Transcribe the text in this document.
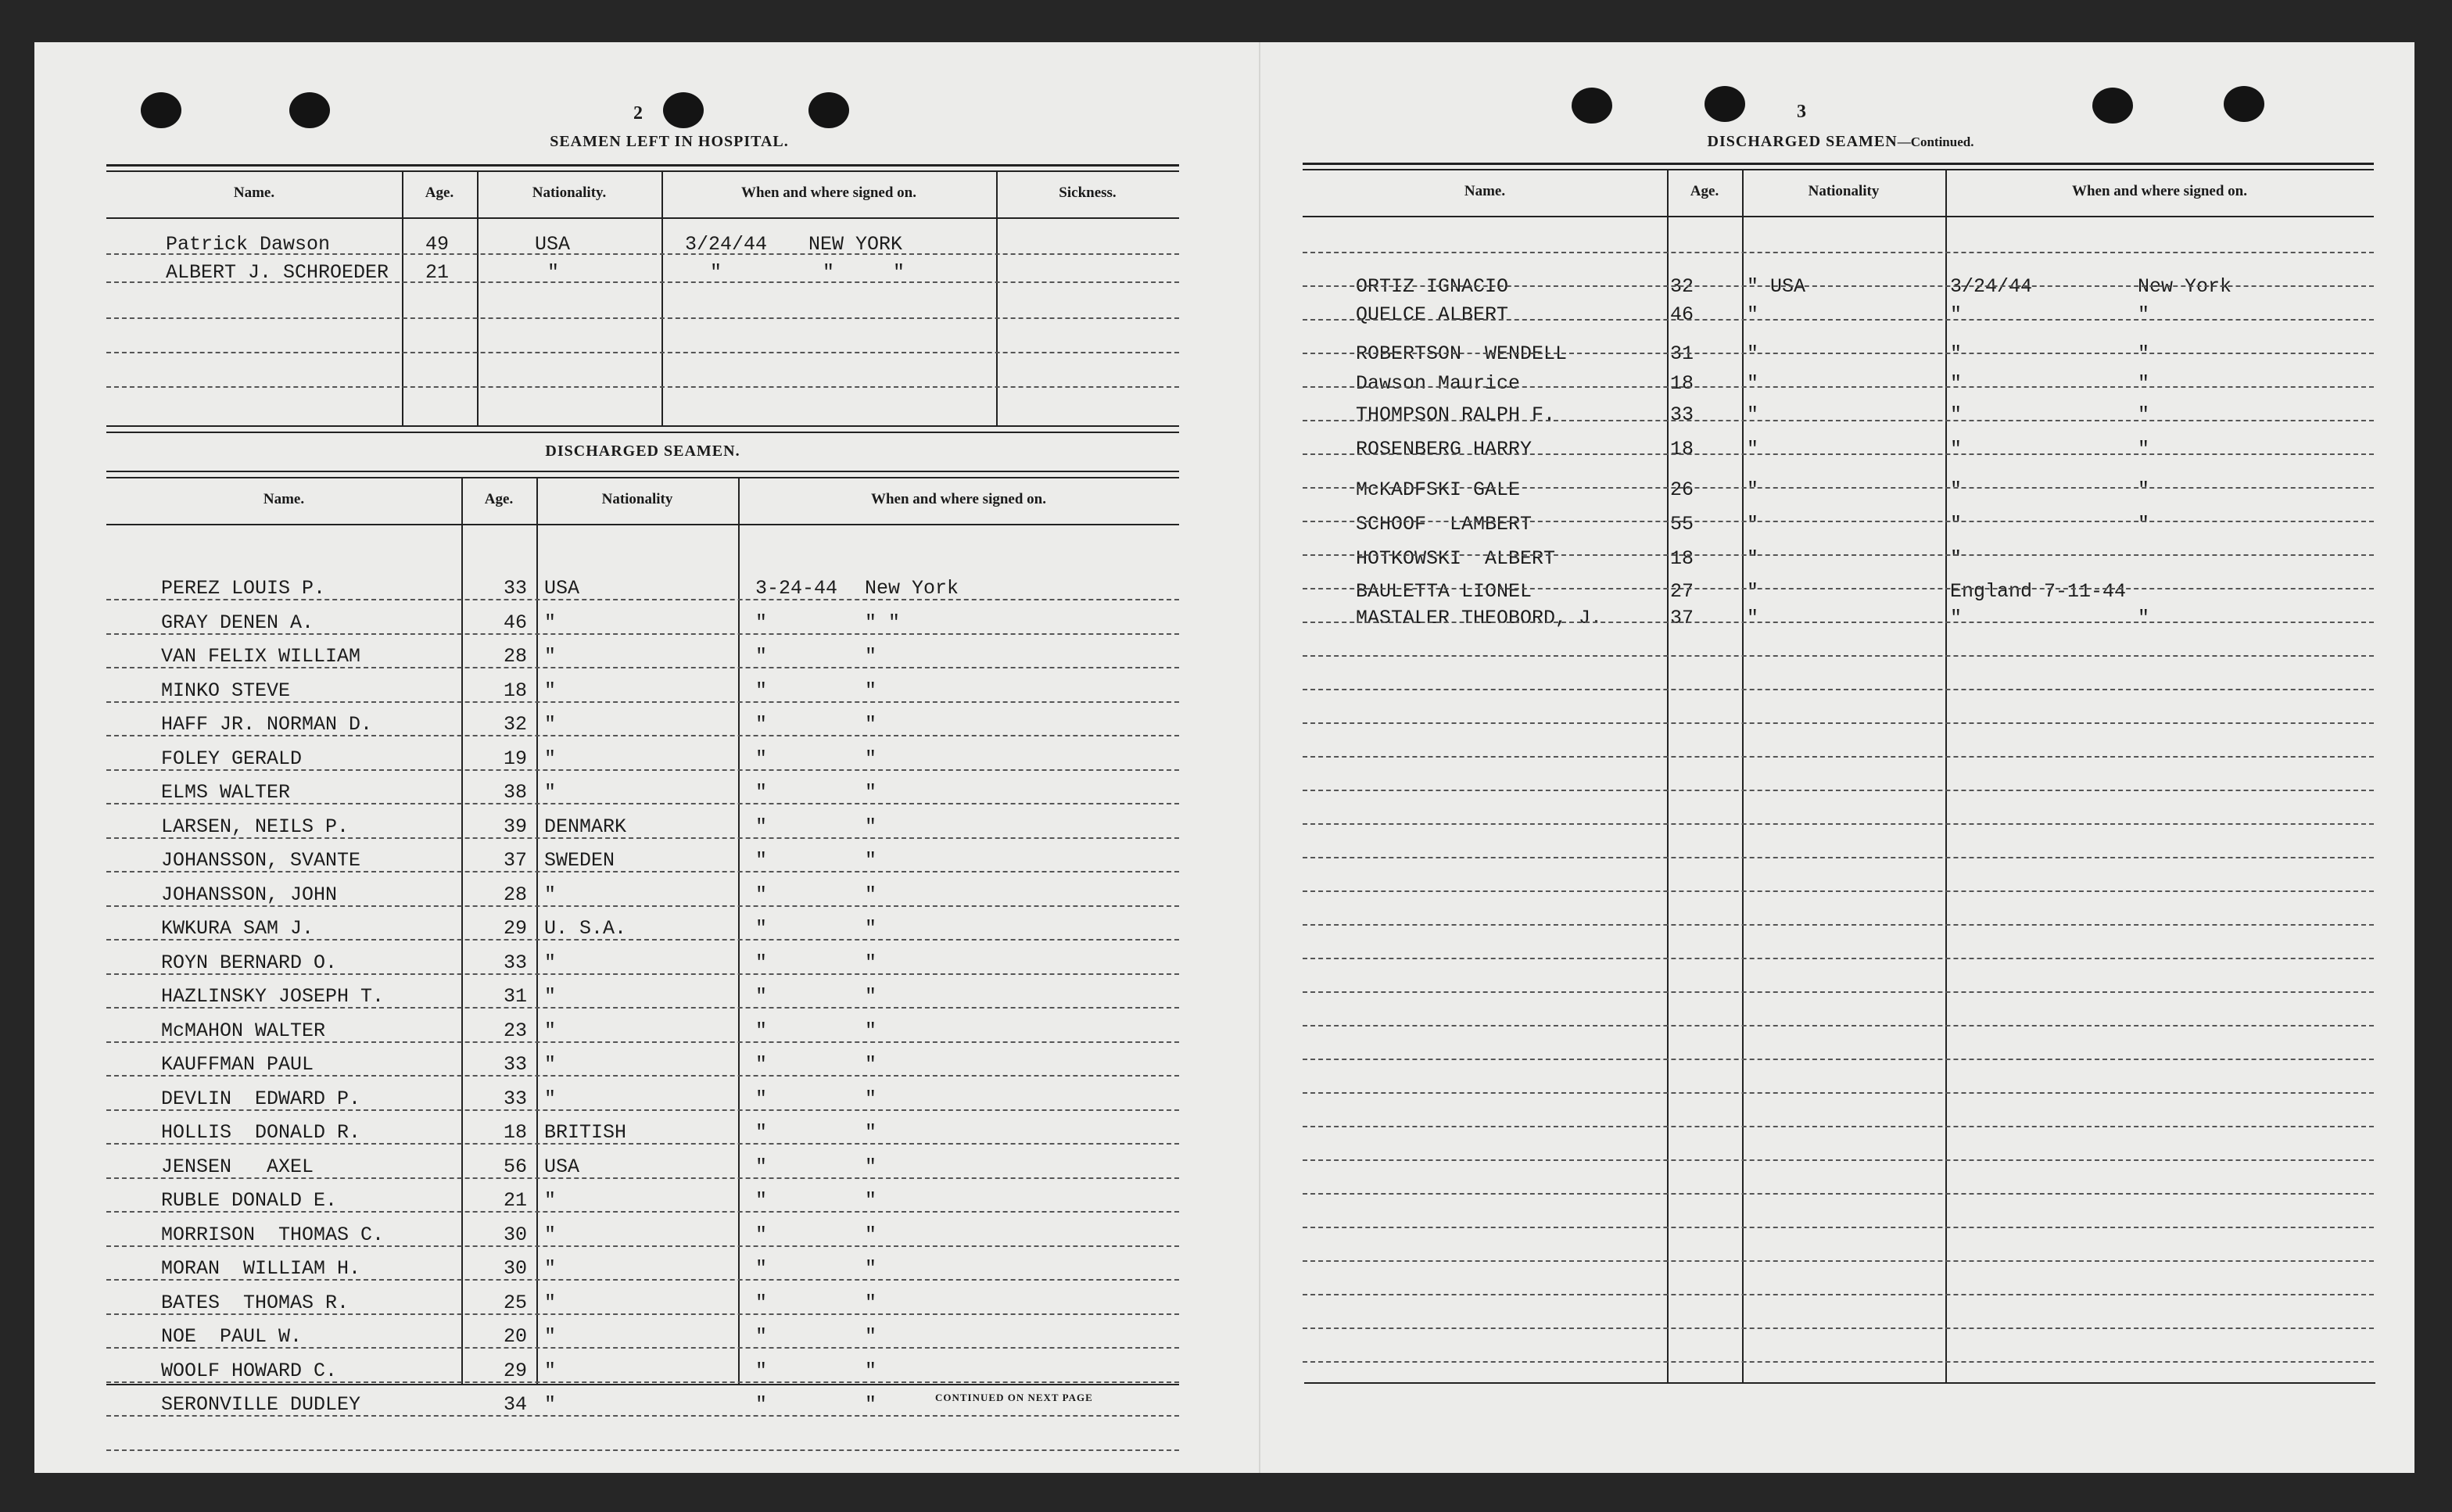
2
SEAMEN LEFT IN HOSPITAL.
Name.	Age.	Nationality.	When and where signed on.	Sickness.
Patrick Dawson	49	USA	3/24/44 NEW YORK
ALBERT J. SCHROEDER 21	"	"	"     "
DISCHARGED SEAMEN.
Name.	Age.	Nationality	When and where signed on.
PEREZ LOUIS P.	33 USA	3-24-44 New York
GRAY DENEN A.	46 "	"	" "
VAN FELIX WILLIAM	28 "	"	"
MINKO STEVE	18 "	"	"
HAFF JR. NORMAN D.	32 "	"	"
FOLEY GERALD	19 "	"	"
ELMS WALTER	38 "	"	"
LARSEN, NEILS P.	39 DENMARK	"	"
JOHANSSON, SVANTE	37 SWEDEN	"	"
JOHANSSON, JOHN	28 "	"	"
KWKURA SAM J.	29 U. S.A.	"	"
ROYN BERNARD O.	33 "	"	"
HAZLINSKY JOSEPH T.	31 "	"	"
McMAHON WALTER	23 "	"	"
KAUFFMAN PAUL	33 "	"	"
DEVLIN  EDWARD P.	33 "	"	"
HOLLIS  DONALD R.	18 BRITISH	"	"
JENSEN   AXEL	56 USA	"	"
RUBLE DONALD E.	21 "	"	"
MORRISON  THOMAS C.	30 "	"	"
MORAN  WILLIAM H.	30 "	"	"
BATES  THOMAS R.	25 "	"	"
NOE  PAUL W.	20 "	"	"
WOOLF HOWARD C.	29 "	"	"
SERONVILLE DUDLEY	34 "	"	"	CONTINUED ON NEXT PAGE
3
DISCHARGED SEAMEN—Continued.
Name.	Age.	Nationality	When and where signed on.
ORTIZ IGNACIO	32	" USA	3/24/44	New York
QUELCE ALBERT	46	"	"	"
ROBERTSON  WENDELL	31	"	"	"
Dawson Maurice	18	"	"	"
THOMPSON RALPH F.	33	"	"	"
ROSENBERG HARRY	18	"	"	"
McKADFSKI GALE	26	"	"	"
SCHOOF  LAMBERT	55	"	"	"
HOTKOWSKI  ALBERT	18	"	"
BAULETTA LIONEL	27	"	England 7-11-44
MASTALER THEOBORD, J.	37	"	"	"
